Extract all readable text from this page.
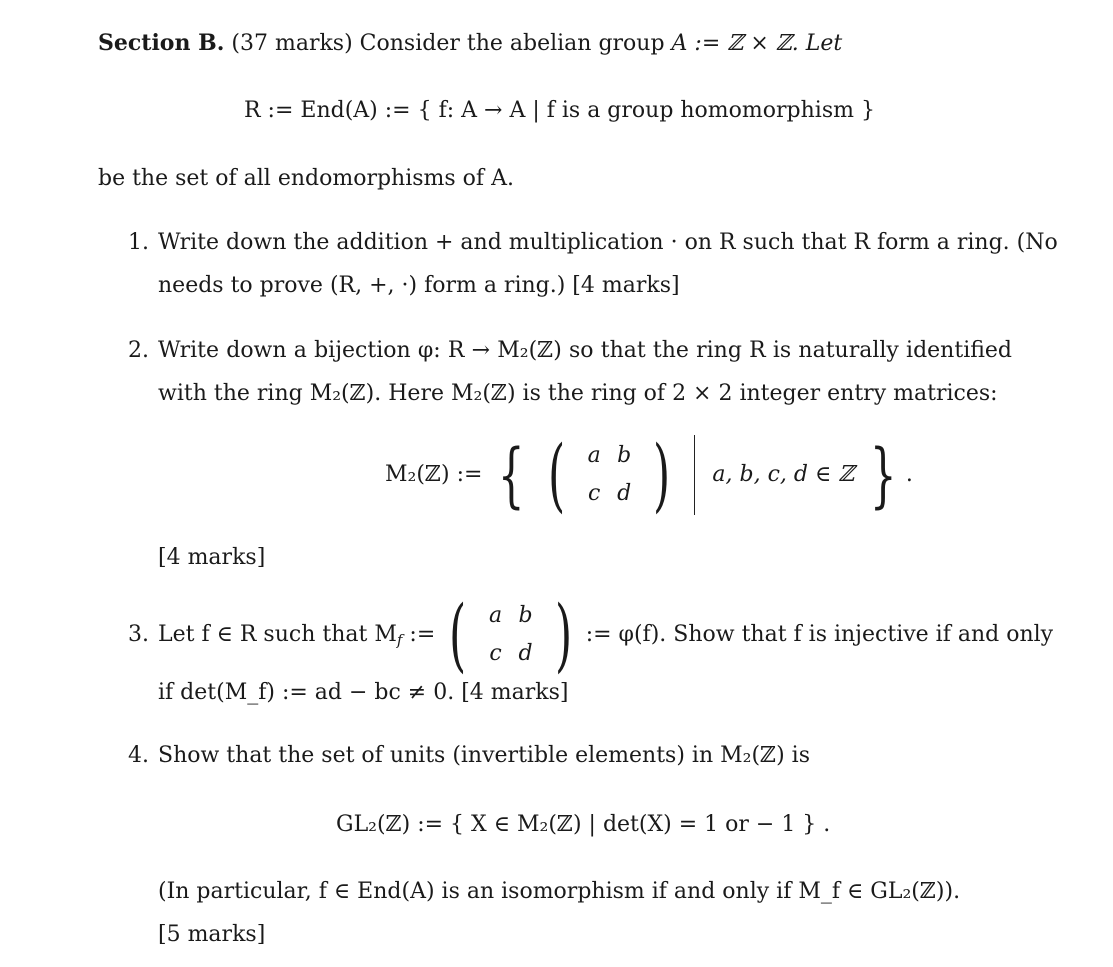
Section B. (37 marks) Consider the abelian group A := ℤ × ℤ. Let
R := End(A) := { f: A → A | f is a group homomorphism }
be the set of all endomorphisms of A.
1. Write down the addition + and multiplication · on R such that R form a ring. (No
needs to prove (R, +, ·) form a ring.) [4 marks]
2. Write down a bijection φ: R → M₂(ℤ) so that the ring R is naturally identified
with the ring M₂(ℤ). Here M₂(ℤ) is the ring of 2 × 2 integer entry matrices:
M₂(ℤ) := { (	a b
c d ) a, b, c, d ∈ ℤ } .
[4 marks]
3. Let f ∈ R such that $M_f$ := (	a b
c d ) := φ(f). Show that f is injective if and only
if det(M_f) := ad − bc ≠ 0. [4 marks]
4. Show that the set of units (invertible elements) in M₂(ℤ) is
GL₂(ℤ) := { X ∈ M₂(ℤ) | det(X) = 1 or − 1 } .
(In particular, f ∈ End(A) is an isomorphism if and only if M_f ∈ GL₂(ℤ)).
[5 marks]
